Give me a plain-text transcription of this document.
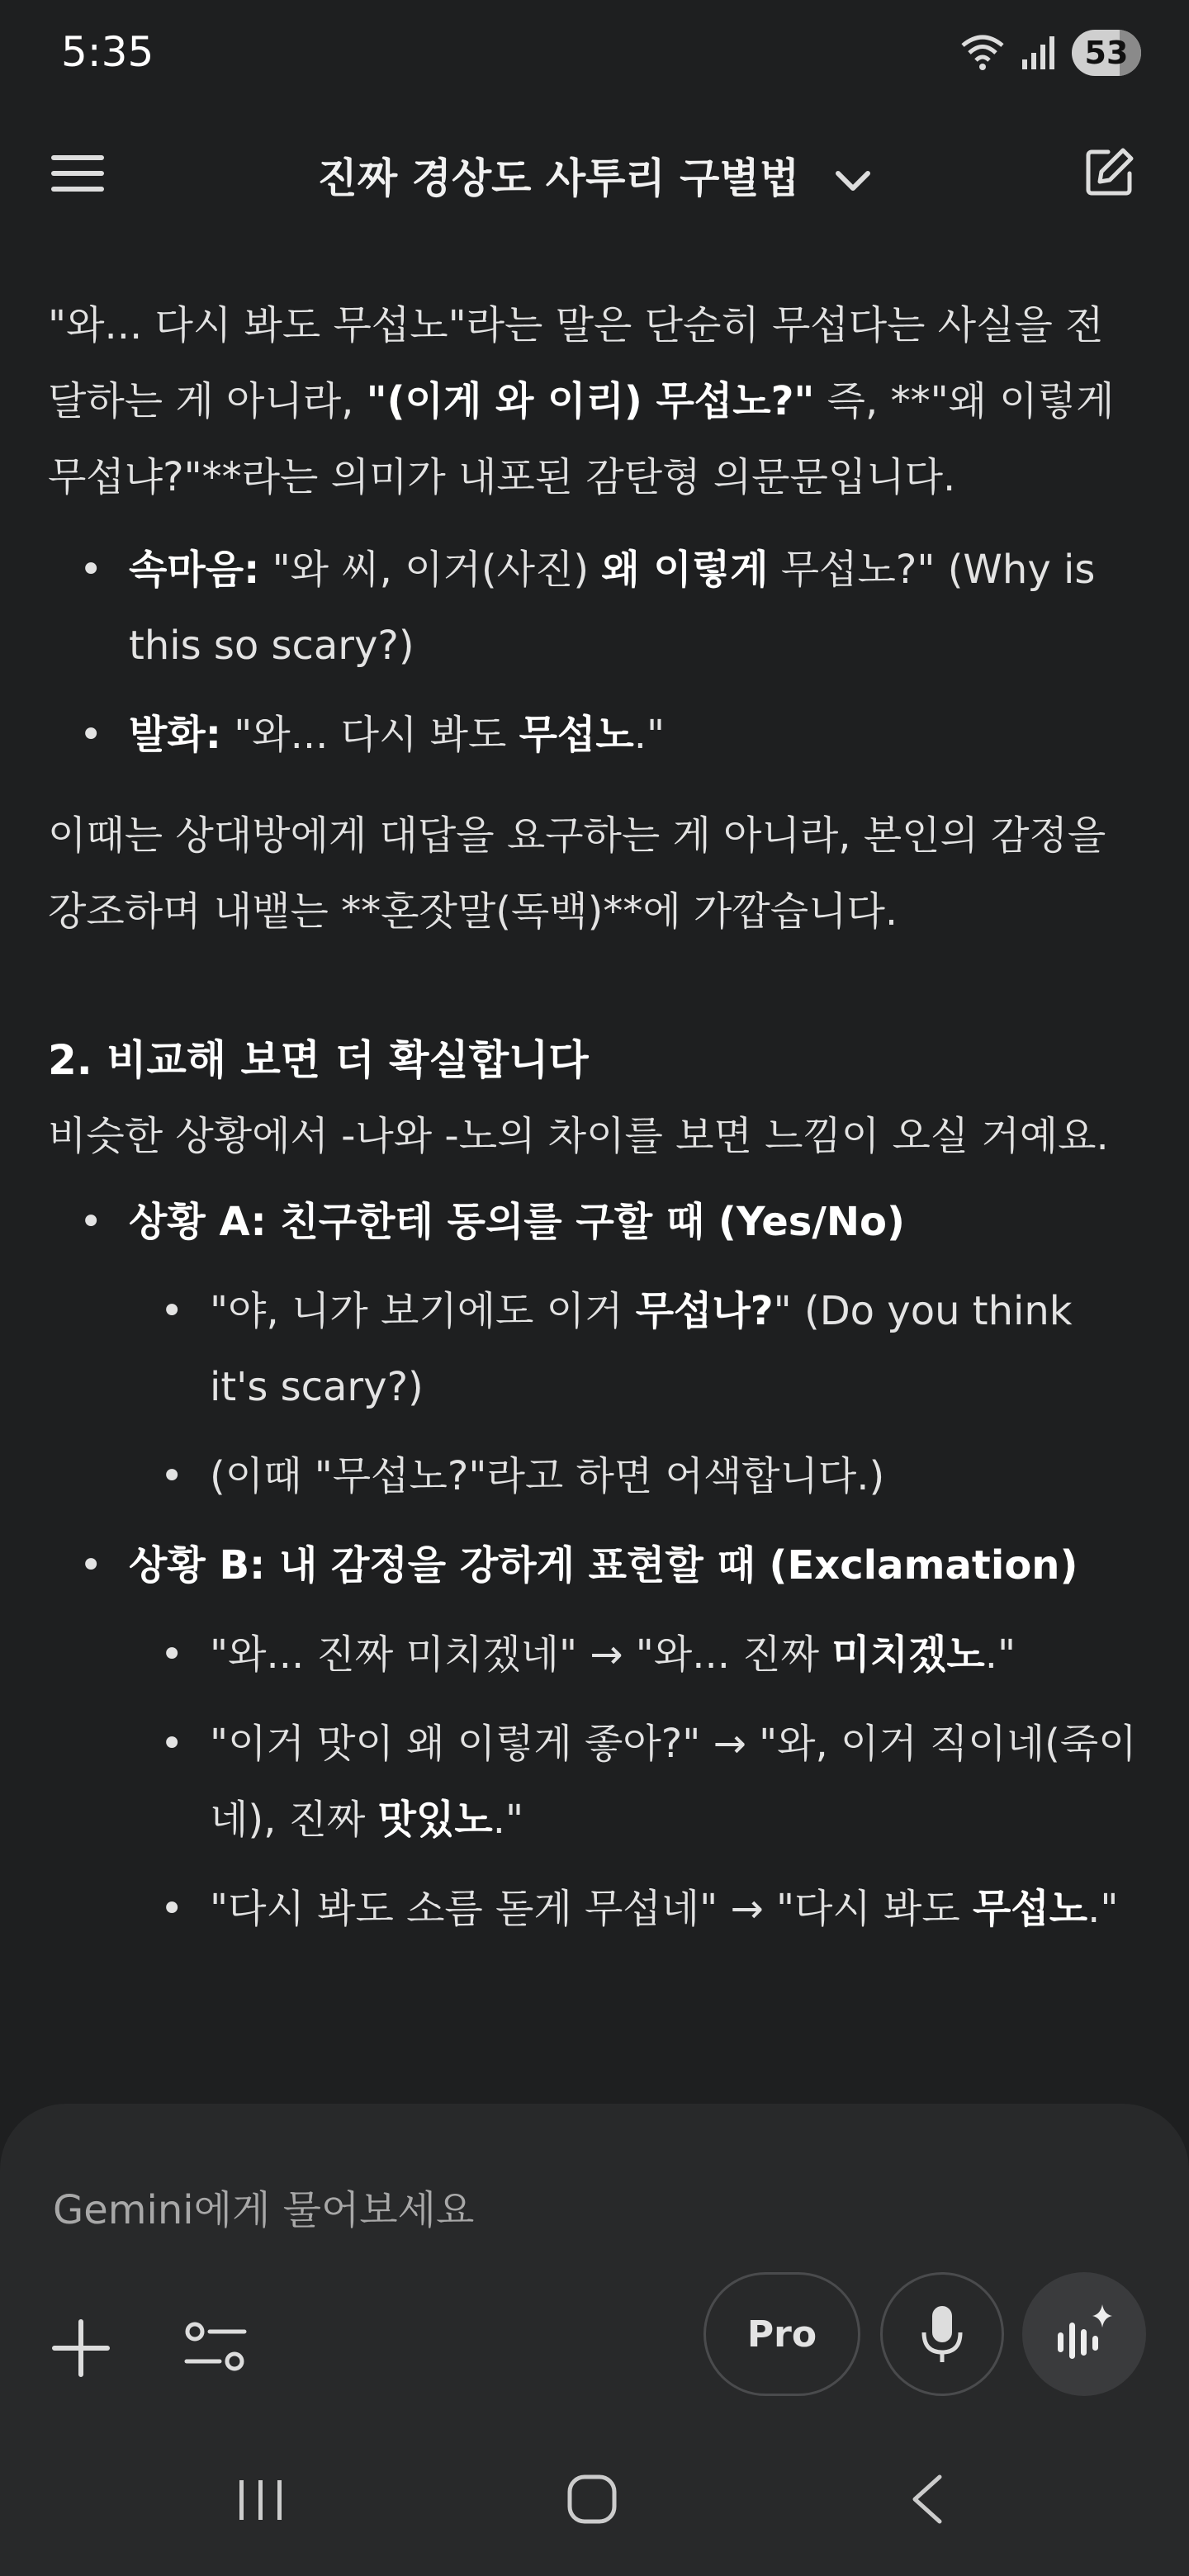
5:35	53
진짜 경상도 사투리 구별법

"와... 다시 봐도 무섭노"라는 말은 단순히 무섭다는 사실을 전달하는 게 아니라, "(이게 와 이리) 무섭노?" 즉, **"왜 이렇게 무섭냐?"**라는 의미가 내포된 감탄형 의문문입니다.

• 속마음: "와 씨, 이거(사진) 왜 이렇게 무섭노?" (Why is this so scary?)
• 발화: "와... 다시 봐도 무섭노."

이때는 상대방에게 대답을 요구하는 게 아니라, 본인의 감정을 강조하며 내뱉는 **혼잣말(독백)**에 가깝습니다.

2. 비교해 보면 더 확실합니다

비슷한 상황에서 -나와 -노의 차이를 보면 느낌이 오실 거예요.

• 상황 A: 친구한테 동의를 구할 때 (Yes/No)
• "야, 니가 보기에도 이거 무섭나?" (Do you think it's scary?)
• (이때 "무섭노?"라고 하면 어색합니다.)
• 상황 B: 내 감정을 강하게 표현할 때 (Exclamation)
• "와... 진짜 미치겠네" → "와... 진짜 미치겠노."
• "이거 맛이 왜 이렇게 좋아?" → "와, 이거 직이네(죽이네), 진짜 맛있노."
• "다시 봐도 소름 돋게 무섭네" → "다시 봐도 무섭노."
Gemini에게 물어보세요
Pro
